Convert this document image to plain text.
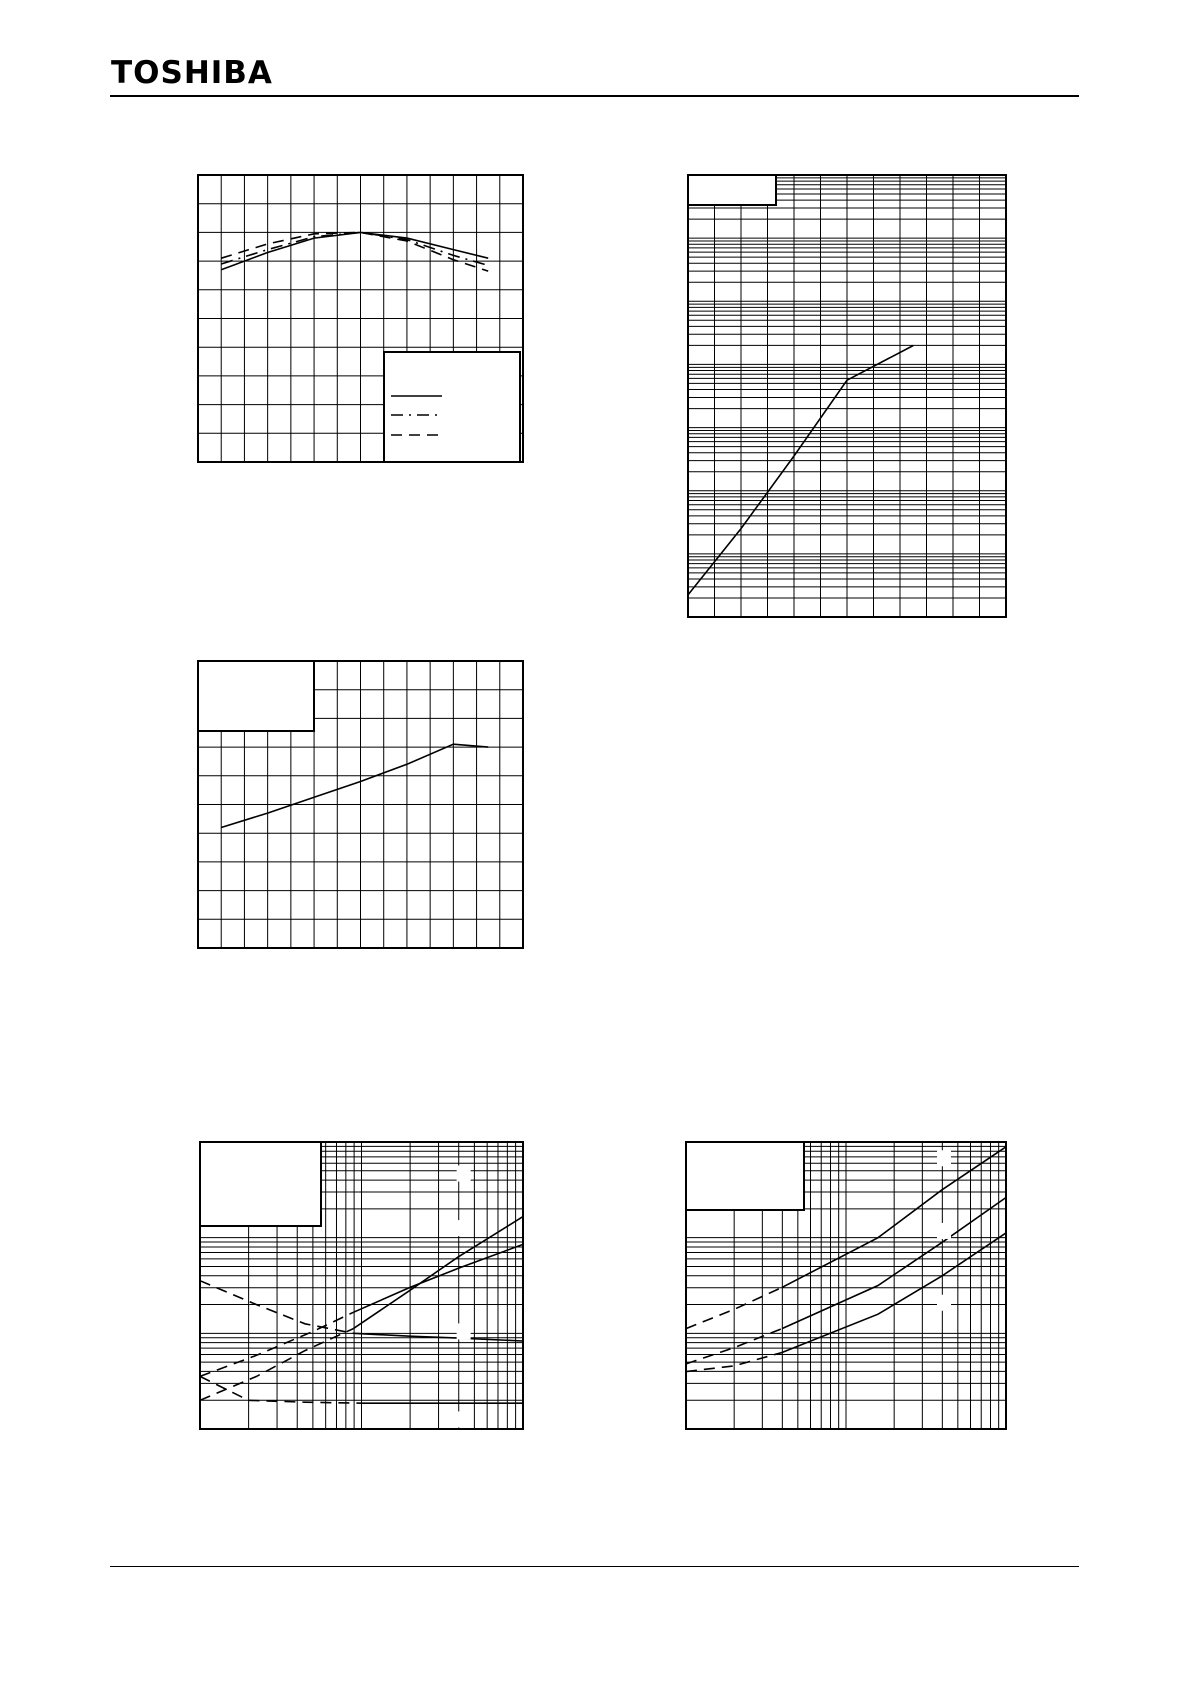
TOSHIBA
